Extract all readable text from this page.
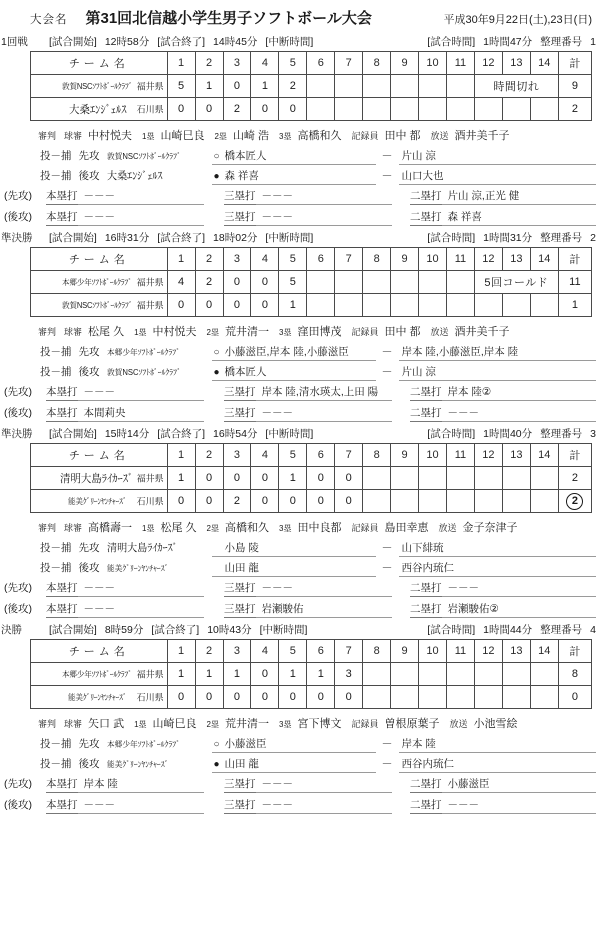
大会名 第31回北信越小学生男子ソフトボール大会	平成30年9月22日(土),23日(日)
1回戦	[試合開始] 12時58分 [試合終了] 14時45分 [中断時間]	[試合時間] 1時間47分 整理番号 1
チーム名	1	2	3	4	5	6	7	8	9	10	11	12	13	14	計
敦賀NSCｿﾌﾄﾎﾞｰﾙｸﾗﾌﾞ 福井県	5	1	0	1	2							時間切れ			9
大桑ｴﾝｼﾞｪﾙｽ 石川県	0	0	2	0	0										2
審判 球審 中村悦夫 1塁 山崎巳良 2塁 山崎 浩 3塁 高橋和久 記録員 田中 都 放送 酒井美千子
投－捕 先攻 敦賀NSCｿﾌﾄﾎﾞｰﾙｸﾗﾌﾞ ○	橋本匠人	－ 片山 涼
投－捕 後攻 大桑ｴﾝｼﾞｪﾙｽ ●	森 祥喜	－ 山口大也
(先攻)	本塁打 －－－	三塁打 －－－	二塁打 片山 涼,正光 健
(後攻)	本塁打 －－－	三塁打 －－－	二塁打 森 祥喜
準決勝	[試合開始] 16時31分 [試合終了] 18時02分 [中断時間]	[試合時間] 1時間31分 整理番号 2
チーム名	1	2	3	4	5	6	7	8	9	10	11	12	13	14	計
本郷少年ｿﾌﾄﾎﾞｰﾙｸﾗﾌﾞ 福井県	4	2	0	0	5							5回コールド			11
敦賀NSCｿﾌﾄﾎﾞｰﾙｸﾗﾌﾞ 福井県	0	0	0	0	1										1
審判 球審 松尾 久 1塁 中村悦夫 2塁 荒井清一 3塁 窪田博茂 記録員 田中 都 放送 酒井美千子
投－捕 先攻 本郷少年ｿﾌﾄﾎﾞｰﾙｸﾗﾌﾞ ○	小藤滋臣,岸本 陸,小藤滋臣	－ 岸本 陸,小藤滋臣,岸本 陸
投－捕 後攻 敦賀NSCｿﾌﾄﾎﾞｰﾙｸﾗﾌﾞ ●	橋本匠人	－ 片山 涼
(先攻)	本塁打 －－－	三塁打 岸本 陸,清水瑛太,上田 陽	二塁打 岸本 陸②
(後攻)	本塁打 本間莉央	三塁打 －－－	二塁打 －－－
準決勝	[試合開始] 15時14分 [試合終了] 16時54分 [中断時間]	[試合時間] 1時間40分 整理番号 3
チーム名	1	2	3	4	5	6	7	8	9	10	11	12	13	14	計
清明大島ﾗｲｶｰｽﾞ 福井県	1	0	0	0	1	0	0								2
能美ｸﾞﾘｰﾝﾔﾝﾁｬｰｽﾞ 石川県	0	0	2	0	0	0	0								2
審判 球審 高橋壽一 1塁 松尾 久 2塁 高橋和久 3塁 田中良都 記録員 島田幸恵 放送 金子奈津子
投－捕 先攻 清明大島ﾗｲｶｰｽﾞ	小島 陵	－ 山下緋琉
投－捕 後攻 能美ｸﾞﾘｰﾝﾔﾝﾁｬｰｽﾞ	山田 龍	－ 西谷内琉仁
(先攻)	本塁打 －－－	三塁打 －－－	二塁打 －－－
(後攻)	本塁打 －－－	三塁打 岩瀬駿佑	二塁打 岩瀬駿佑②
決勝	[試合開始] 8時59分 [試合終了] 10時43分 [中断時間]	[試合時間] 1時間44分 整理番号 4
チーム名	1	2	3	4	5	6	7	8	9	10	11	12	13	14	計
本郷少年ｿﾌﾄﾎﾞｰﾙｸﾗﾌﾞ 福井県	1	1	1	0	1	1	3								8
能美ｸﾞﾘｰﾝﾔﾝﾁｬｰｽﾞ 石川県	0	0	0	0	0	0	0								0
審判 球審 矢口 武 1塁 山崎巳良 2塁 荒井清一 3塁 宮下博文 記録員 曽根原葉子 放送 小池雪絵
投－捕 先攻 本郷少年ｿﾌﾄﾎﾞｰﾙｸﾗﾌﾞ ○	小藤滋臣	－ 岸本 陸
投－捕 後攻 能美ｸﾞﾘｰﾝﾔﾝﾁｬｰｽﾞ ●	山田 龍	－ 西谷内琉仁
(先攻)	本塁打 岸本 陸	三塁打 －－－	二塁打 小藤滋臣
(後攻)	本塁打 －－－	三塁打 －－－	二塁打 －－－
